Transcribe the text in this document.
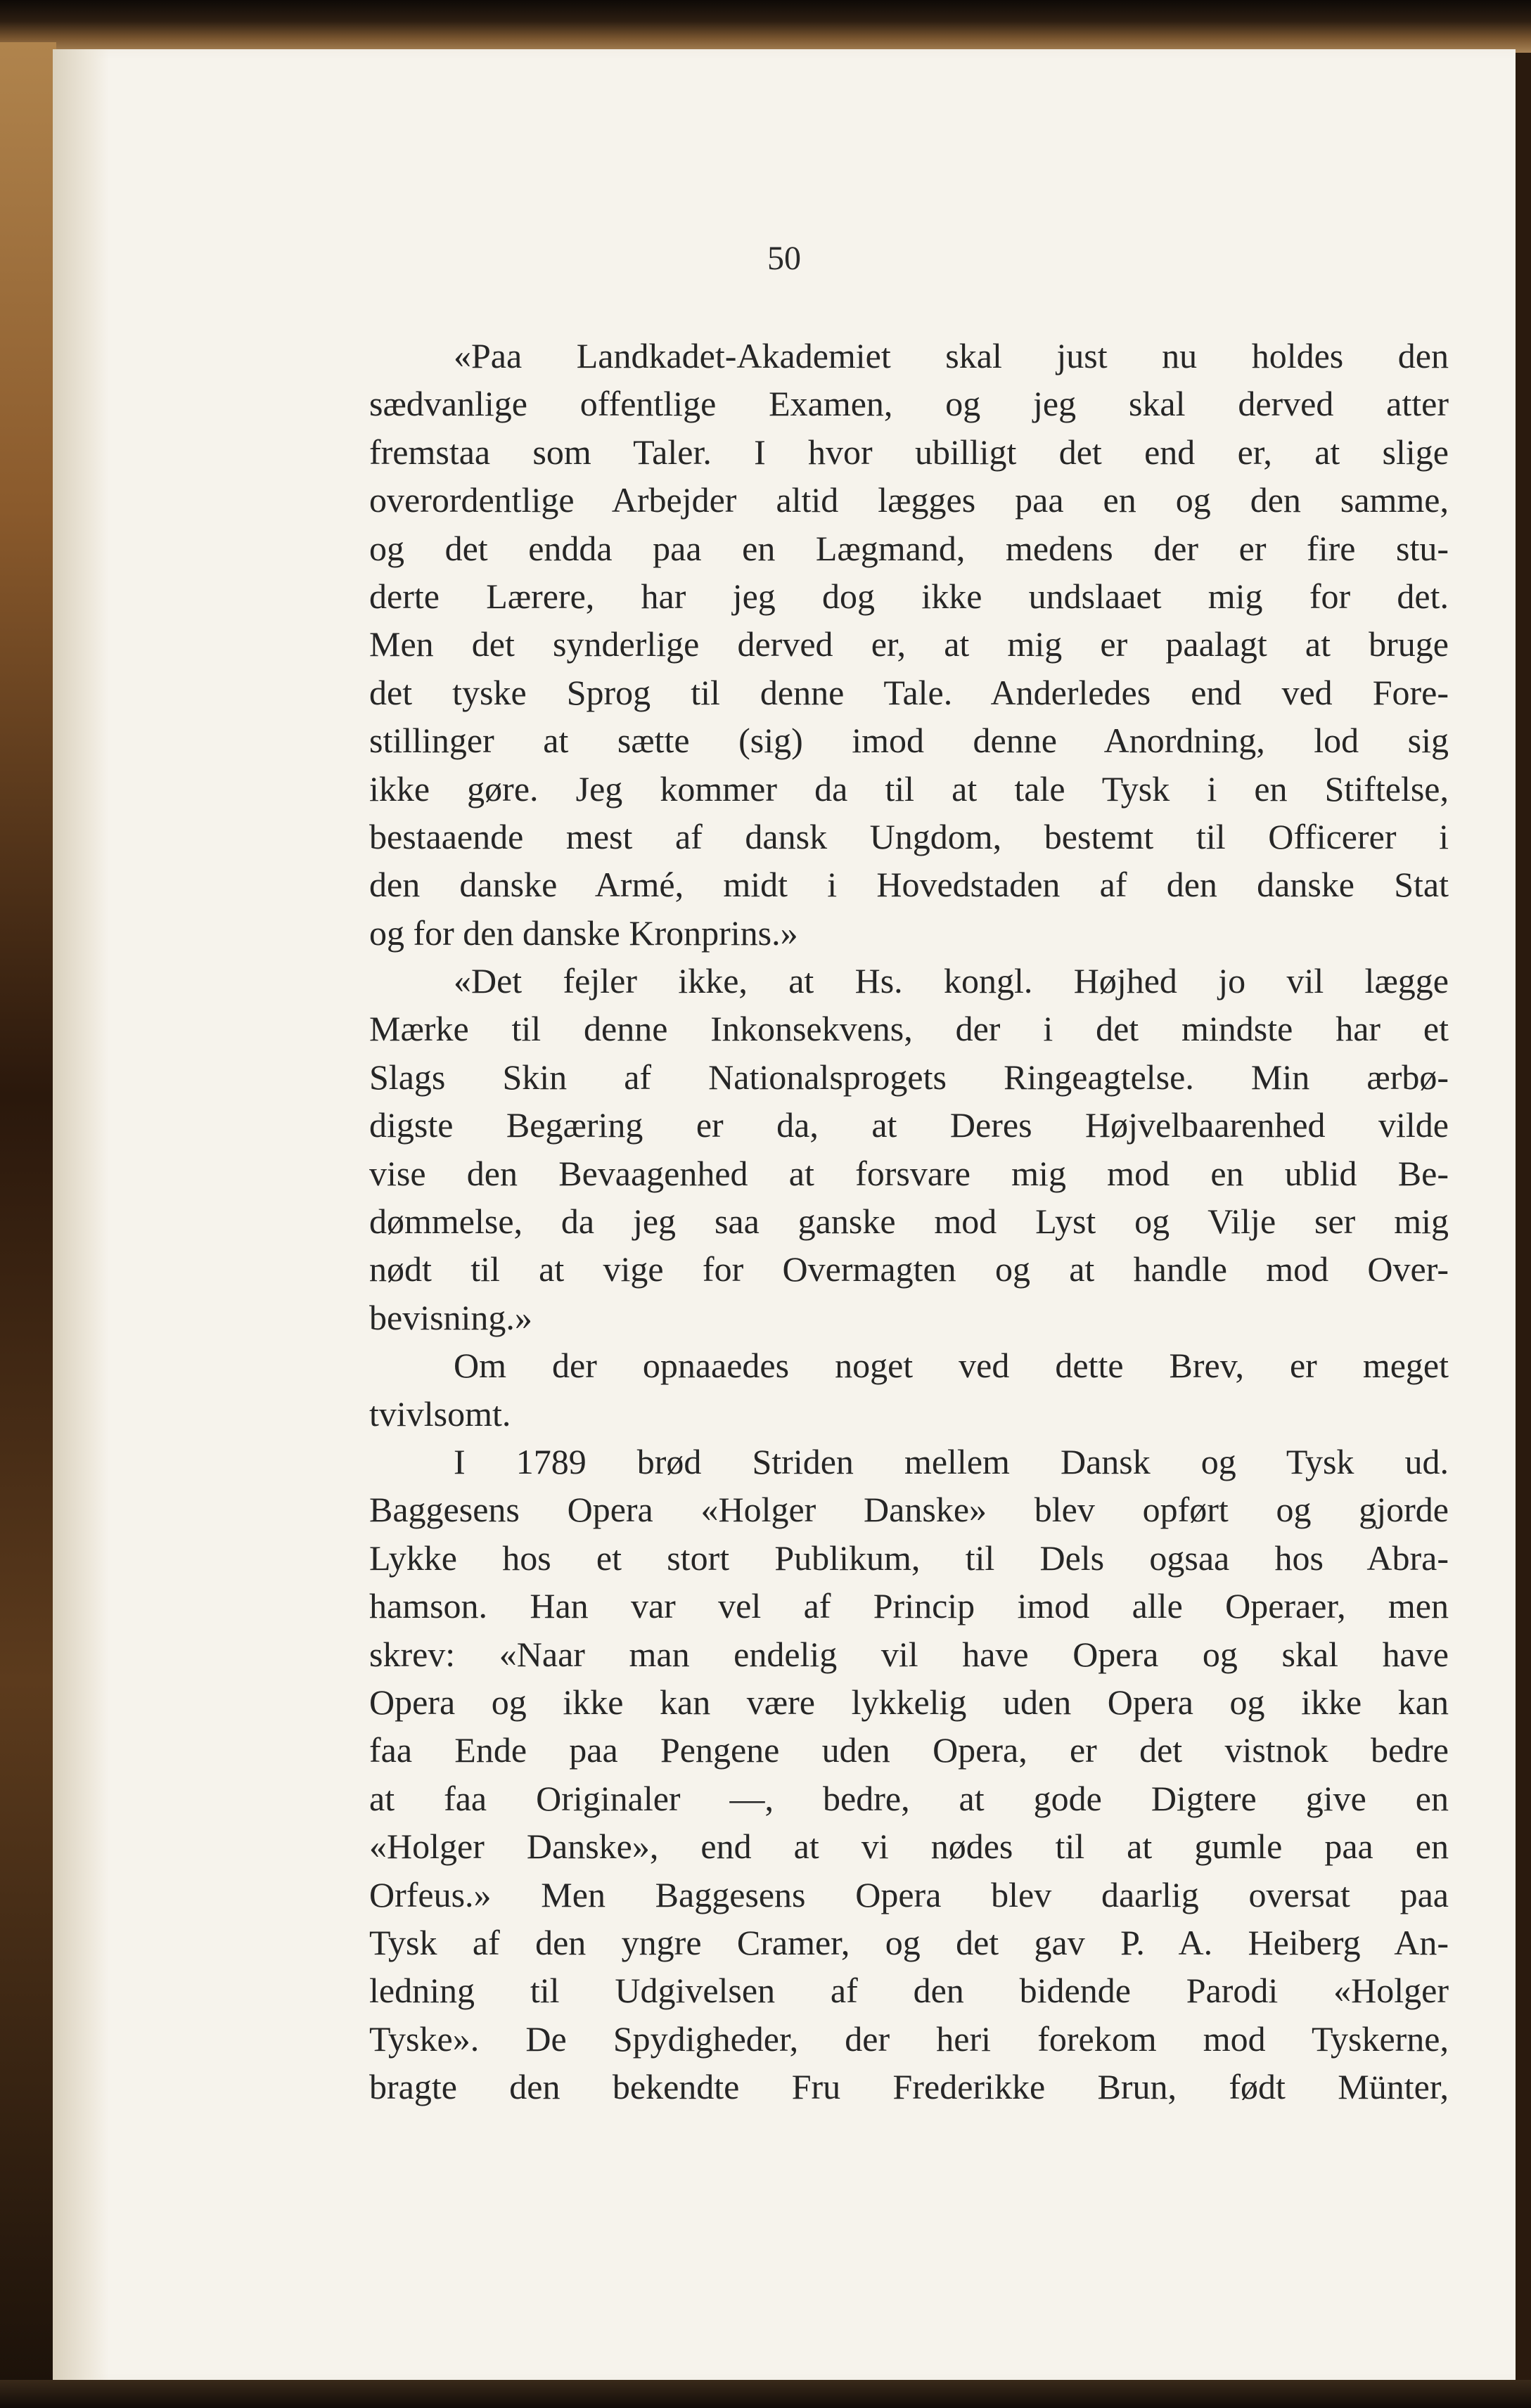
50
«Paa Landkadet-Akademiet skal just nu holdes den
sædvanlige offentlige Examen, og jeg skal derved atter
fremstaa som Taler. I hvor ubilligt det end er, at slige
overordentlige Arbejder altid lægges paa en og den samme,
og det endda paa en Lægmand, medens der er fire stu-
derte Lærere, har jeg dog ikke undslaaet mig for det.
Men det synderlige derved er, at mig er paalagt at bruge
det tyske Sprog til denne Tale. Anderledes end ved Fore-
stillinger at sætte (sig) imod denne Anordning, lod sig
ikke gøre. Jeg kommer da til at tale Tysk i en Stiftelse,
bestaaende mest af dansk Ungdom, bestemt til Officerer i
den danske Armé, midt i Hovedstaden af den danske Stat
og for den danske Kronprins.»
«Det fejler ikke, at Hs. kongl. Højhed jo vil lægge
Mærke til denne Inkonsekvens, der i det mindste har et
Slags Skin af Nationalsprogets Ringeagtelse. Min ærbø-
digste Begæring er da, at Deres Højvelbaarenhed vilde
vise den Bevaagenhed at forsvare mig mod en ublid Be-
dømmelse, da jeg saa ganske mod Lyst og Vilje ser mig
nødt til at vige for Overmagten og at handle mod Over-
bevisning.»
Om der opnaaedes noget ved dette Brev, er meget
tvivlsomt.
I 1789 brød Striden mellem Dansk og Tysk ud.
Baggesens Opera «Holger Danske» blev opført og gjorde
Lykke hos et stort Publikum, til Dels ogsaa hos Abra-
hamson. Han var vel af Princip imod alle Operaer, men
skrev: «Naar man endelig vil have Opera og skal have
Opera og ikke kan være lykkelig uden Opera og ikke kan
faa Ende paa Pengene uden Opera, er det vistnok bedre
at faa Originaler —, bedre, at gode Digtere give en
«Holger Danske», end at vi nødes til at gumle paa en
Orfeus.» Men Baggesens Opera blev daarlig oversat paa
Tysk af den yngre Cramer, og det gav P. A. Heiberg An-
ledning til Udgivelsen af den bidende Parodi «Holger
Tyske». De Spydigheder, der heri forekom mod Tyskerne,
bragte den bekendte Fru Frederikke Brun, født Münter,
